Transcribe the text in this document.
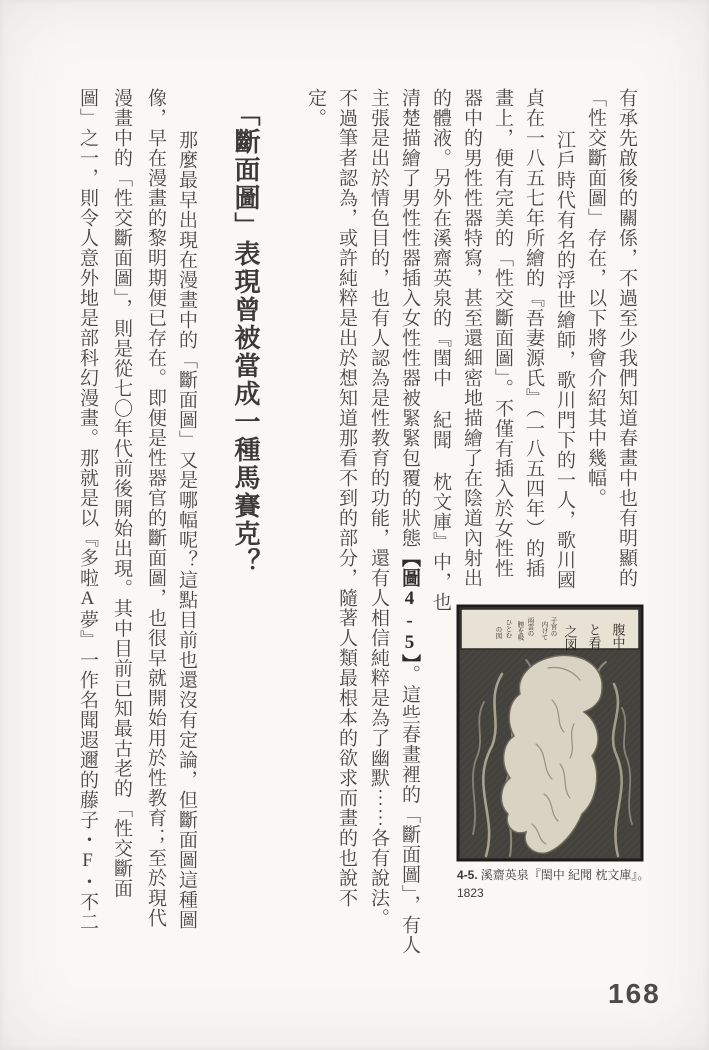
有承先啟後的關係，不過至少我們知道春畫中也有明顯的
「性交斷面圖」存在，以下將會介紹其中幾幅。
江戶時代有名的浮世繪師，歌川門下的一人，歌川國
貞在一八五七年所繪的『吾妻源氏』（一八五四年）的插
畫上，便有完美的「性交斷面圖」。不僅有插入於女性性
器中的男性性器特寫，甚至還細密地描繪了在陰道內射出
的體液。另外在溪齋英泉的『閨中 紀聞 枕文庫』中，也
清楚描繪了男性性器插入女性性器被緊緊包覆的狀態【圖4-5】。這些春畫裡的「斷面圖」，有人
主張是出於情色目的，也有人認為是性教育的功能，還有人相信純粹是為了幽默⋯⋯各有說法。
不過筆者認為，或許純粹是出於想知道那看不到的部分，隨著人類最根本的欲求而畫的也說不
定。
「斷面圖」表現曾被當成一種馬賽克？
那麼最早出現在漫畫中的「斷面圖」又是哪幅呢？這點目前也還沒有定論，但斷面圖這種圖
像，早在漫畫的黎明期便已存在。即便是性器官的斷面圖，也很早就開始用於性教育；至於現代
漫畫中的「性交斷面圖」，則是從七〇年代前後開始出現。其中目前已知最古老的「性交斷面
圖」之一，則令人意外地是部科幻漫畫。那就是以『多啦A夢』一作名聞遐邇的藤子・F・不二	腹中
と看
之図
子宮の
内けて
雨雲の
膣を吸
ひとむ
の図
4-5. 溪齋英泉『閨中 紀聞 枕文庫』。
1823
168
